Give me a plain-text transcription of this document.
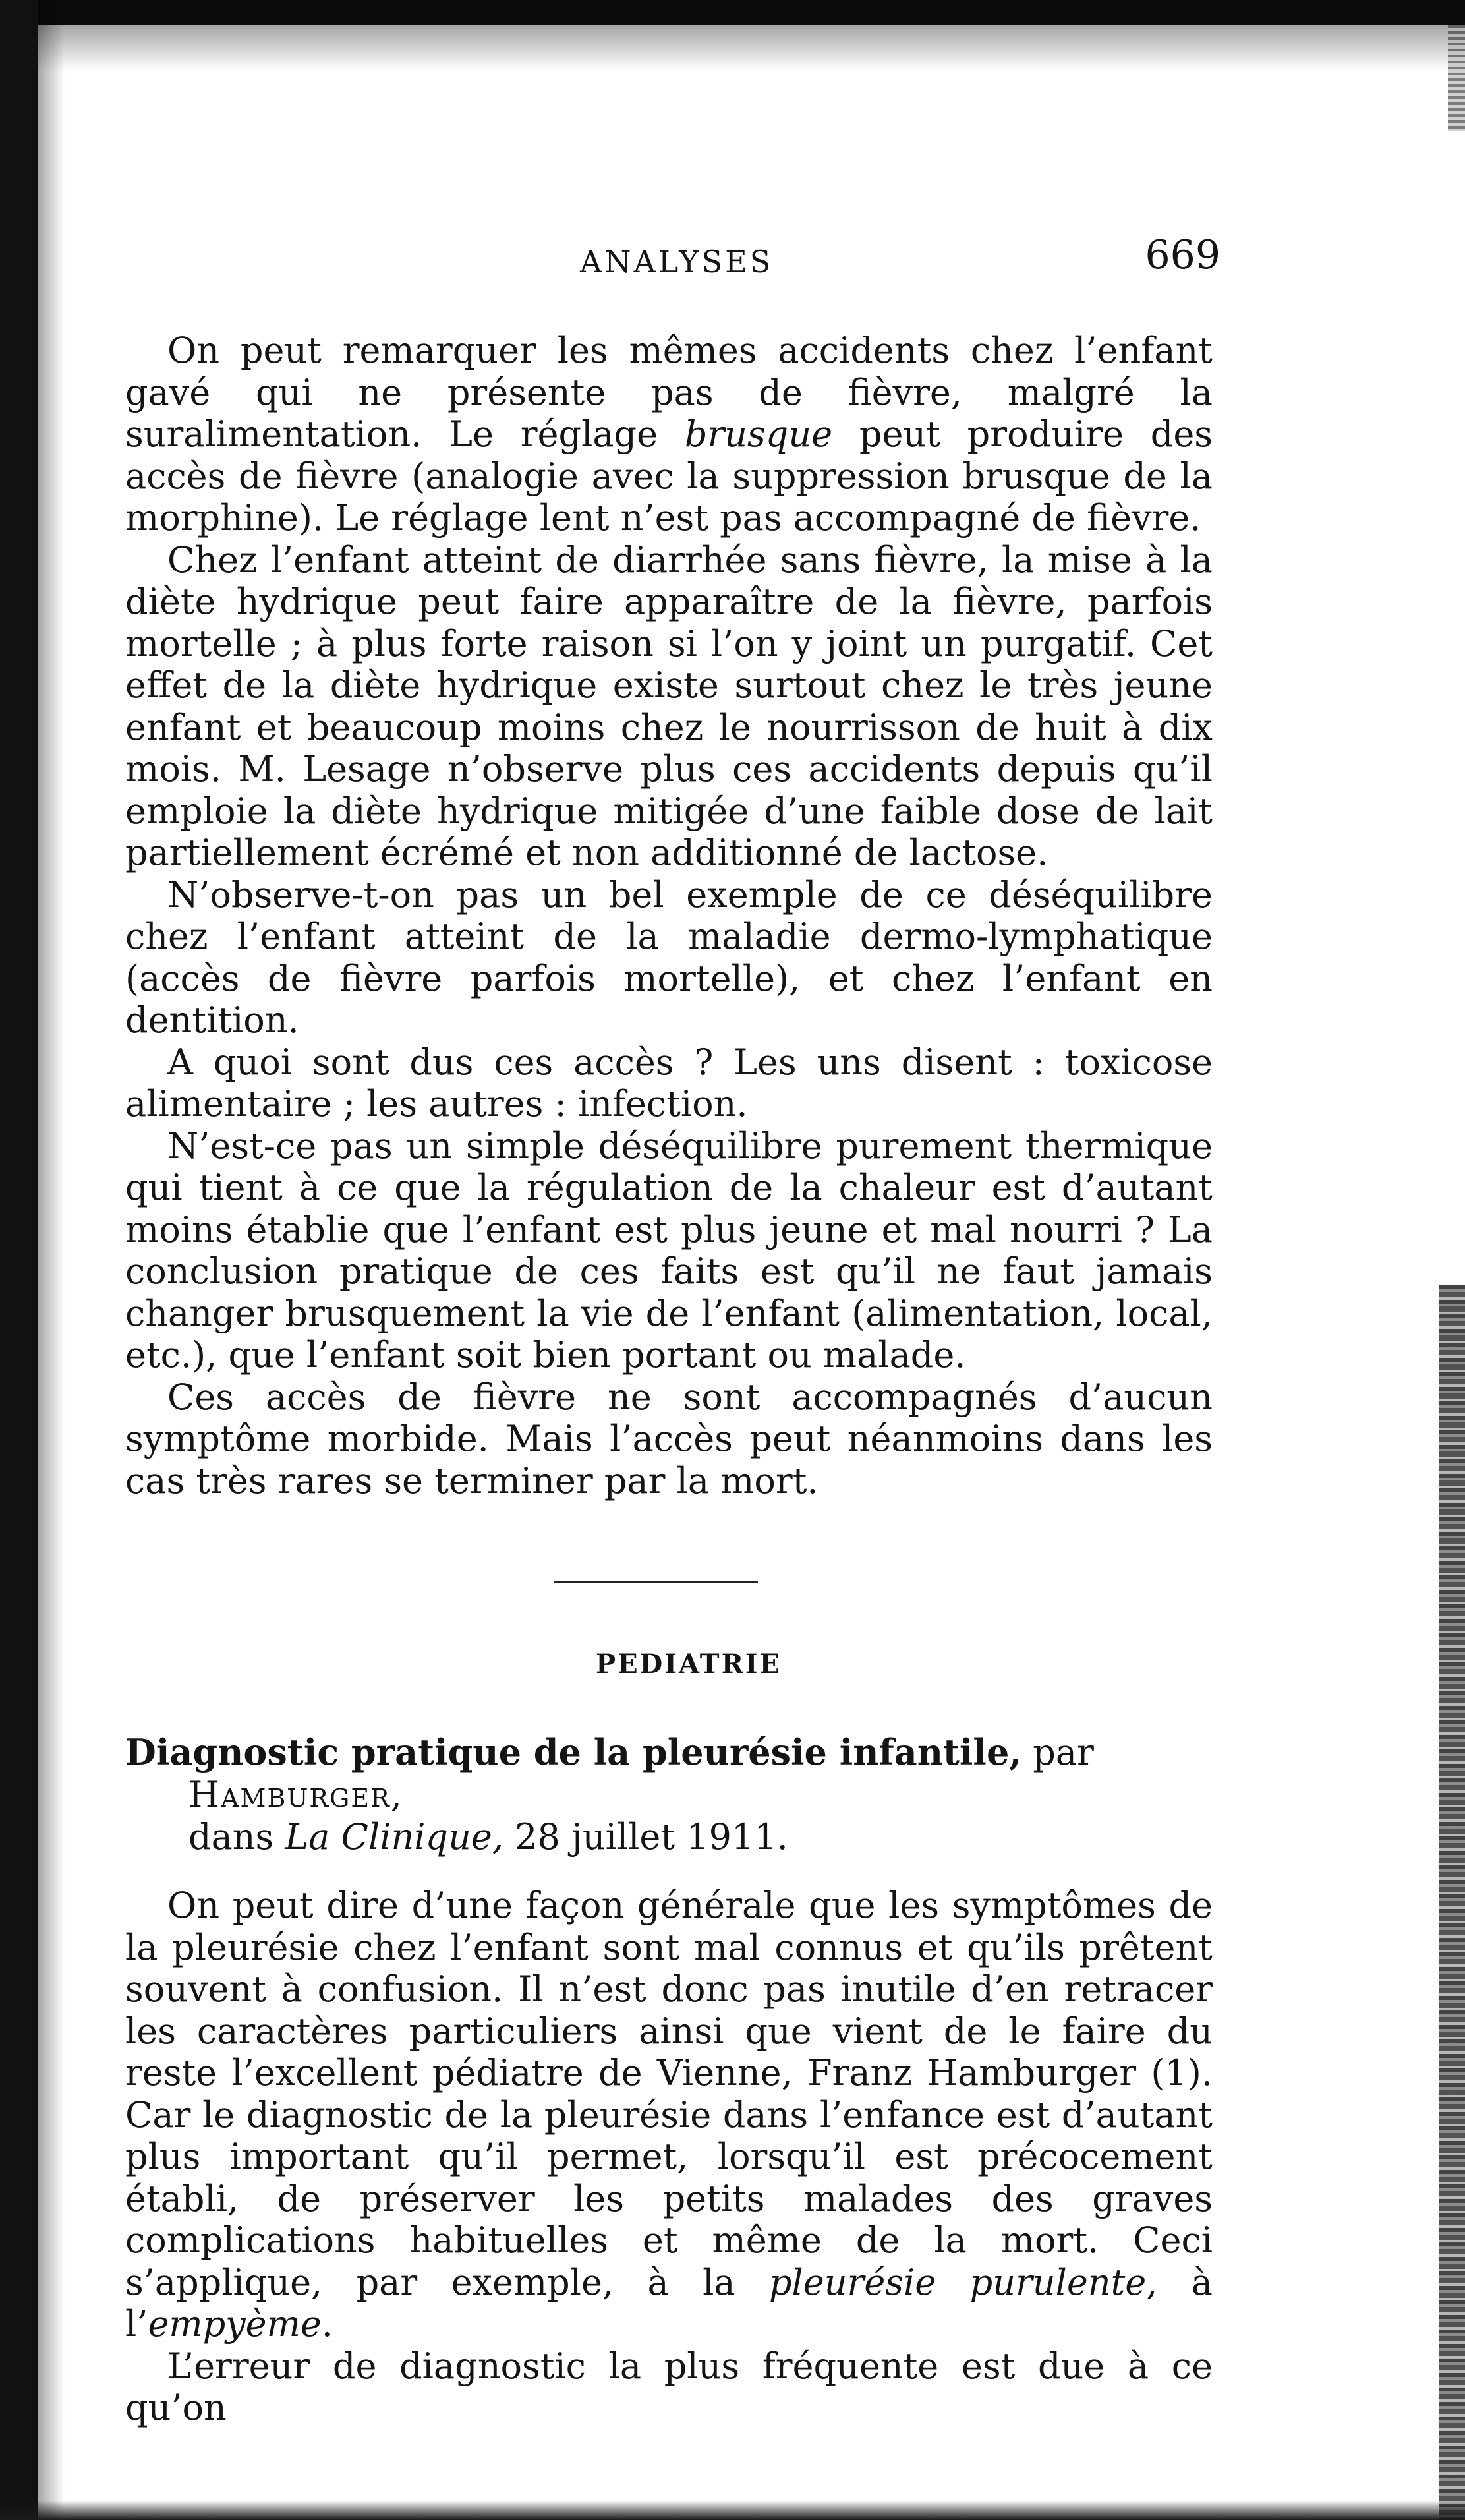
ANALYSES	669

On peut remarquer les mêmes accidents chez l’enfant gavé qui ne présente pas de fièvre, malgré la suralimentation. Le réglage brusque peut produire des accès de fièvre (analogie avec la suppression brusque de la morphine). Le réglage lent n’est pas accompagné de fièvre.

Chez l’enfant atteint de diarrhée sans fièvre, la mise à la diète hydrique peut faire apparaître de la fièvre, parfois mortelle ; à plus forte raison si l’on y joint un purgatif. Cet effet de la diète hydrique existe surtout chez le très jeune enfant et beaucoup moins chez le nourrisson de huit à dix mois. M. Lesage n’observe plus ces accidents depuis qu’il emploie la diète hydrique mitigée d’une faible dose de lait partiellement écrémé et non additionné de lactose.

N’observe-t-on pas un bel exemple de ce déséquilibre chez l’enfant atteint de la maladie dermo-lymphatique (accès de fièvre parfois mortelle), et chez l’enfant en dentition.

A quoi sont dus ces accès ? Les uns disent : toxicose alimentaire ; les autres : infection.

N’est-ce pas un simple déséquilibre purement thermique qui tient à ce que la régulation de la chaleur est d’autant moins établie que l’enfant est plus jeune et mal nourri ? La conclusion pratique de ces faits est qu’il ne faut jamais changer brusquement la vie de l’enfant (alimentation, local, etc.), que l’enfant soit bien portant ou malade.

Ces accès de fièvre ne sont accompagnés d’aucun symptôme morbide. Mais l’accès peut néanmoins dans les cas très rares se terminer par la mort.

PEDIATRIE
Diagnostic pratique de la pleurésie infantile, par Hamburger,
dans La Clinique, 28 juillet 1911.

On peut dire d’une façon générale que les symptômes de la pleurésie chez l’enfant sont mal connus et qu’ils prêtent souvent à confusion. Il n’est donc pas inutile d’en retracer les caractères particuliers ainsi que vient de le faire du reste l’excellent pédiatre de Vienne, Franz Hamburger (1). Car le diagnostic de la pleurésie dans l’enfance est d’autant plus important qu’il permet, lorsqu’il est précocement établi, de préserver les petits malades des graves complications habituelles et même de la mort. Ceci s’applique, par exemple, à la pleurésie purulente, à l’empyème.

L’erreur de diagnostic la plus fréquente est due à ce qu’on
